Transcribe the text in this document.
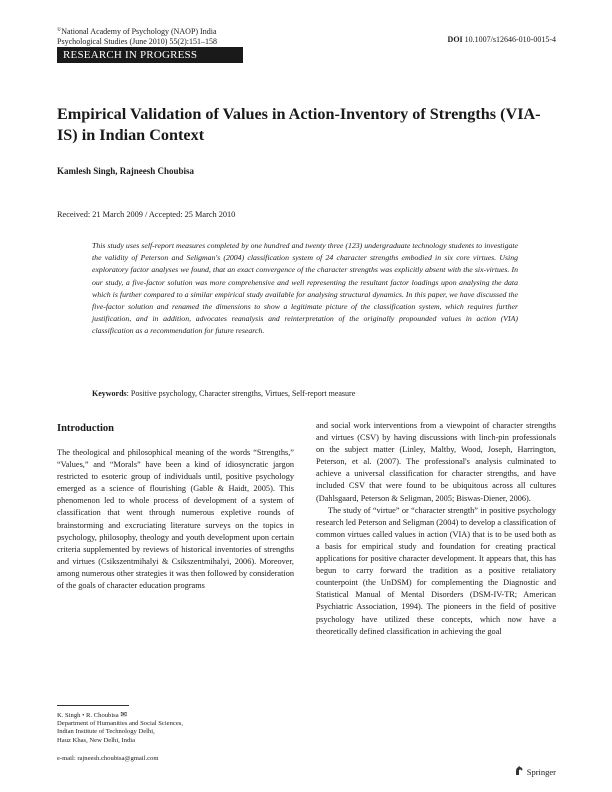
©National Academy of Psychology (NAOP) India
Psychological Studies (June 2010) 55(2):151–158	DOI 10.1007/s12646-010-0015-4
RESEARCH IN PROGRESS
Empirical Validation of Values in Action-Inventory of Strengths (VIA-IS) in Indian Context
Kamlesh Singh, Rajneesh Choubisa
Received: 21 March 2009 / Accepted: 25 March 2010
This study uses self-report measures completed by one hundred and twenty three (123) undergraduate technology students to investigate the validity of Peterson and Seligman's (2004) classification system of 24 character strengths embodied in six core virtues. Using exploratory factor analyses we found, that an exact convergence of the character strengths was explicitly absent with the six-virtues. In our study, a five-factor solution was more comprehensive and well representing the resultant factor loadings upon analysing the data which is further compared to a similar empirical study available for analysing structural dynamics. In this paper, we have discussed the five-factor solution and renamed the dimensions to show a legitimate picture of the classification system, which requires further justification, and in addition, advocates reanalysis and reinterpretation of the originally propounded values in action (VIA) classification as a recommendation for future research.
Keywords: Positive psychology, Character strengths, Virtues, Self-report measure
Introduction

The theological and philosophical meaning of the words “Strengths,” “Values,” and “Morals” have been a kind of idiosyncratic jargon restricted to esoteric group of individuals until, positive psychology emerged as a science of flourishing (Gable & Haidt, 2005). This phenomenon led to whole process of development of a system of classification that went through numerous expletive rounds of brainstorming and excruciating literature surveys on the topics in psychology, philosophy, theology and youth development upon certain criteria supplemented by reviews of historical inventories of strengths and virtues (Csikszentmihalyi & Csikszentmihalyi, 2006). Moreover, among numerous other strategies it was then followed by consideration of the goals of character education programs

and social work interventions from a viewpoint of character strengths and virtues (CSV) by having discussions with linch-pin professionals on the subject matter (Linley, Maltby, Wood, Joseph, Harrington, Peterson, et al. (2007). The professional's analysis culminated to achieve a universal classification for character strengths, and have included CSV that were found to be ubiquitous across all cultures (Dahlsgaard, Peterson & Seligman, 2005; Biswas-Diener, 2006).

The study of “virtue” or “character strength” in positive psychology research led Peterson and Seligman (2004) to develop a classification of common virtues called values in action (VIA) that is to be used both as a basis for empirical study and foundation for creating practical applications for positive character development. It appears that, this has begun to carry forward the tradition as a positive retaliatory counterpoint (the UnDSM) for complementing the Diagnostic and Statistical Manual of Mental Disorders (DSM-IV-TR; American Psychiatric Association, 1994). The pioneers in the field of positive psychology have utilized these concepts, which now have a theoretically defined classification in achieving the goal

K. Singh • R. Choubisa ✉
Department of Humanities and Social Sciences,
Indian Institute of Technology Delhi,
Hauz Khas, New Delhi, India
e-mail: rajneesh.choubisa@gmail.com
Springer
